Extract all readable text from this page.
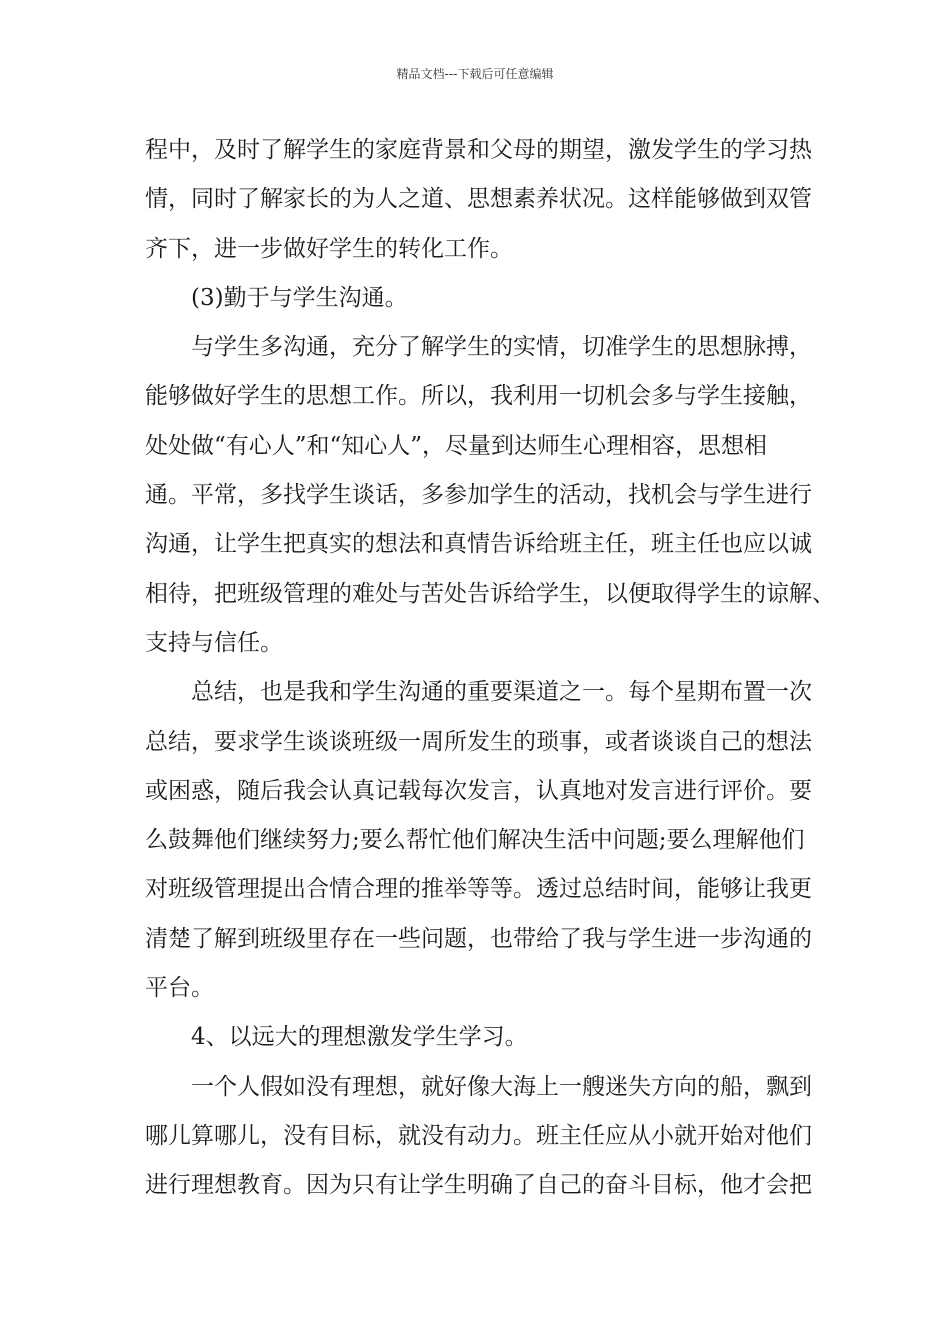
精品文档---下载后可任意编辑
程中，及时了解学生的家庭背景和父母的期望，激发学生的学习热
情，同时了解家长的为人之道、思想素养状况。这样能够做到双管
齐下，进一步做好学生的转化工作。
(3)勤于与学生沟通。
与学生多沟通，充分了解学生的实情，切准学生的思想脉搏，
能够做好学生的思想工作。所以，我利用一切机会多与学生接触，
处处做“有心人”和“知心人”，尽量到达师生心理相容，思想相
通。平常，多找学生谈话，多参加学生的活动，找机会与学生进行
沟通，让学生把真实的想法和真情告诉给班主任，班主任也应以诚
相待，把班级管理的难处与苦处告诉给学生，以便取得学生的谅解、
支持与信任。
总结，也是我和学生沟通的重要渠道之一。每个星期布置一次
总结，要求学生谈谈班级一周所发生的琐事，或者谈谈自己的想法
或困惑，随后我会认真记载每次发言，认真地对发言进行评价。要
么鼓舞他们继续努力;要么帮忙他们解决生活中问题;要么理解他们
对班级管理提出合情合理的推举等等。透过总结时间，能够让我更
清楚了解到班级里存在一些问题，也带给了我与学生进一步沟通的
平台。
4、以远大的理想激发学生学习。
一个人假如没有理想，就好像大海上一艘迷失方向的船，飘到
哪儿算哪儿，没有目标，就没有动力。班主任应从小就开始对他们
进行理想教育。因为只有让学生明确了自己的奋斗目标，他才会把
